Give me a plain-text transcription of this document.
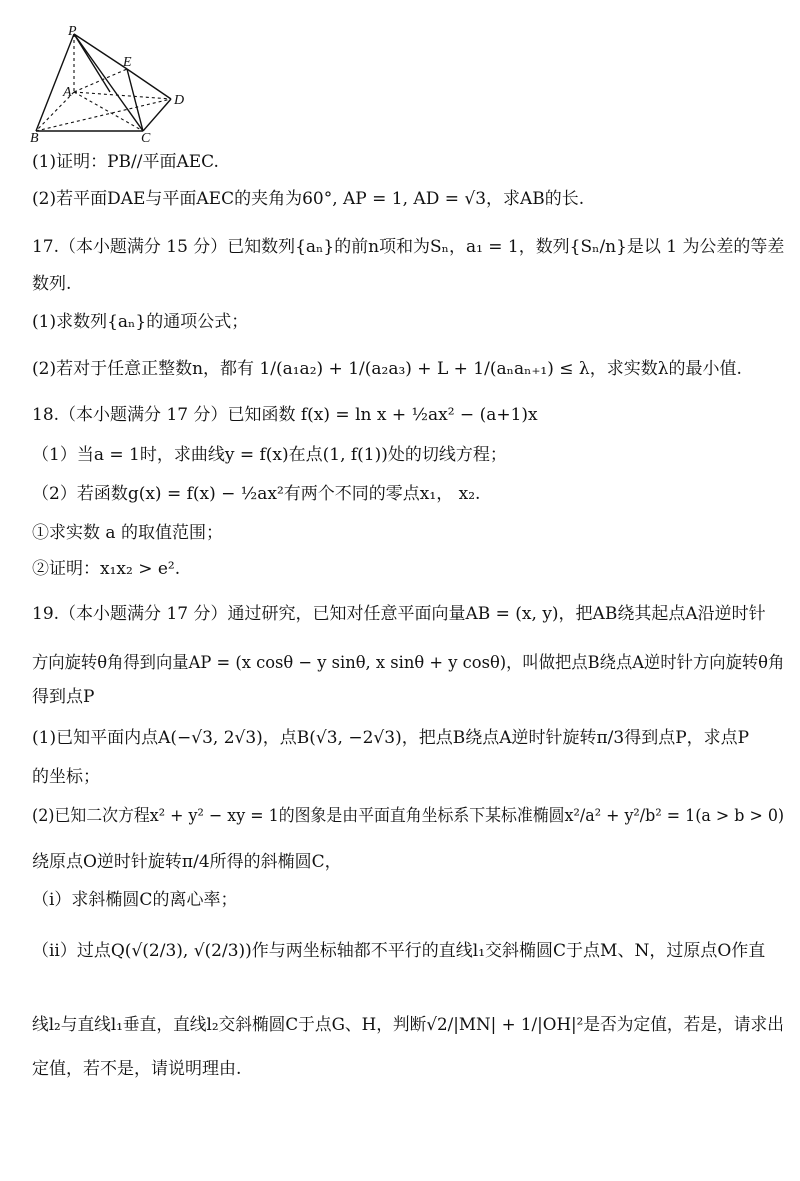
P
E
A
D
B	C
(1)证明：PB//平面AEC.
(2)若平面DAE与平面AEC的夹角为60°, AP = 1, AD = √3，求AB的长.
17.（本小题满分 15 分）已知数列{aₙ}的前n项和为Sₙ，a₁ = 1，数列{Sₙ/n}是以 1 为公差的等差
数列.
(1)求数列{aₙ}的通项公式；
(2)若对于任意正整数n，都有 1/(a₁a₂) + 1/(a₂a₃) + L + 1/(aₙaₙ₊₁) ≤ λ，求实数λ的最小值.
18.（本小题满分 17 分）已知函数 f(x) = ln x + ½ax² − (a+1)x
（1）当a = 1时，求曲线y = f(x)在点(1, f(1))处的切线方程；
（2）若函数g(x) = f(x) − ½ax²有两个不同的零点x₁， x₂.
①求实数 a 的取值范围；
②证明：x₁x₂ > e².
19.（本小题满分 17 分）通过研究，已知对任意平面向量AB = (x, y)，把AB绕其起点A沿逆时针
方向旋转θ角得到向量AP = (x cosθ − y sinθ, x sinθ + y cosθ)，叫做把点B绕点A逆时针方向旋转θ角
得到点P
(1)已知平面内点A(−√3, 2√3)，点B(√3, −2√3)，把点B绕点A逆时针旋转π/3得到点P，求点P
的坐标；
(2)已知二次方程x² + y² − xy = 1的图象是由平面直角坐标系下某标准椭圆x²/a² + y²/b² = 1(a > b > 0)
绕原点O逆时针旋转π/4所得的斜椭圆C，
（i）求斜椭圆C的离心率；
（ii）过点Q(√(2/3), √(2/3))作与两坐标轴都不平行的直线l₁交斜椭圆C于点M、N，过原点O作直
线l₂与直线l₁垂直，直线l₂交斜椭圆C于点G、H，判断√2/|MN| + 1/|OH|²是否为定值，若是，请求出
定值，若不是，请说明理由.
